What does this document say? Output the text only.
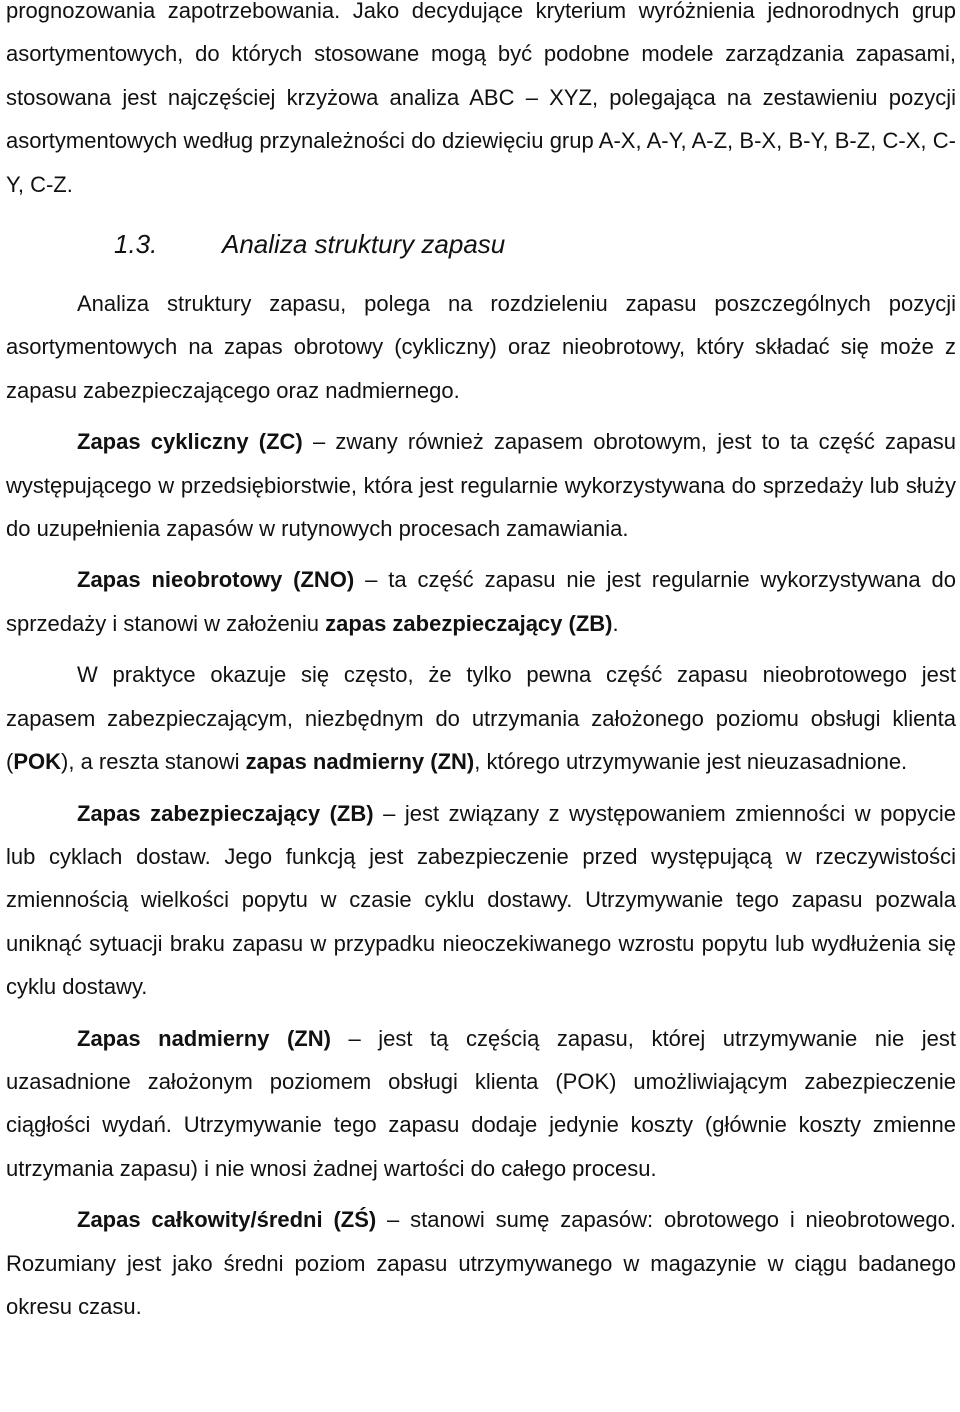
prognozowania zapotrzebowania. Jako decydujące kryterium wyróżnienia jednorodnych grup asortymentowych, do których stosowane mogą być podobne modele zarządzania zapasami, stosowana jest najczęściej krzyżowa analiza ABC – XYZ, polegająca na zestawieniu pozycji asortymentowych według przynależności do dziewięciu grup A-X, A-Y, A-Z, B-X, B-Y, B-Z, C-X, C-Y, C-Z.

1.3. Analiza struktury zapasu

Analiza struktury zapasu, polega na rozdzieleniu zapasu poszczególnych pozycji asortymentowych na zapas obrotowy (cykliczny) oraz nieobrotowy, który składać się może z zapasu zabezpieczającego oraz nadmiernego.

Zapas cykliczny (ZC) – zwany również zapasem obrotowym, jest to ta część zapasu występującego w przedsiębiorstwie, która jest regularnie wykorzystywana do sprzedaży lub służy do uzupełnienia zapasów w rutynowych procesach zamawiania.

Zapas nieobrotowy (ZNO) – ta część zapasu nie jest regularnie wykorzystywana do sprzedaży i stanowi w założeniu zapas zabezpieczający (ZB).

W praktyce okazuje się często, że tylko pewna część zapasu nieobrotowego jest zapasem zabezpieczającym, niezbędnym do utrzymania założonego poziomu obsługi klienta (POK), a reszta stanowi zapas nadmierny (ZN), którego utrzymywanie jest nieuzasadnione.

Zapas zabezpieczający (ZB) – jest związany z występowaniem zmienności w popycie lub cyklach dostaw. Jego funkcją jest zabezpieczenie przed występującą w rzeczywistości zmiennością wielkości popytu w czasie cyklu dostawy. Utrzymywanie tego zapasu pozwala uniknąć sytuacji braku zapasu w przypadku nieoczekiwanego wzrostu popytu lub wydłużenia się cyklu dostawy.

Zapas nadmierny (ZN) – jest tą częścią zapasu, której utrzymywanie nie jest uzasadnione założonym poziomem obsługi klienta (POK) umożliwiającym zabezpieczenie ciągłości wydań. Utrzymywanie tego zapasu dodaje jedynie koszty (głównie koszty zmienne utrzymania zapasu) i nie wnosi żadnej wartości do całego procesu.

Zapas całkowity/średni (ZŚ) – stanowi sumę zapasów: obrotowego i nieobrotowego. Rozumiany jest jako średni poziom zapasu utrzymywanego w magazynie w ciągu badanego okresu czasu.
